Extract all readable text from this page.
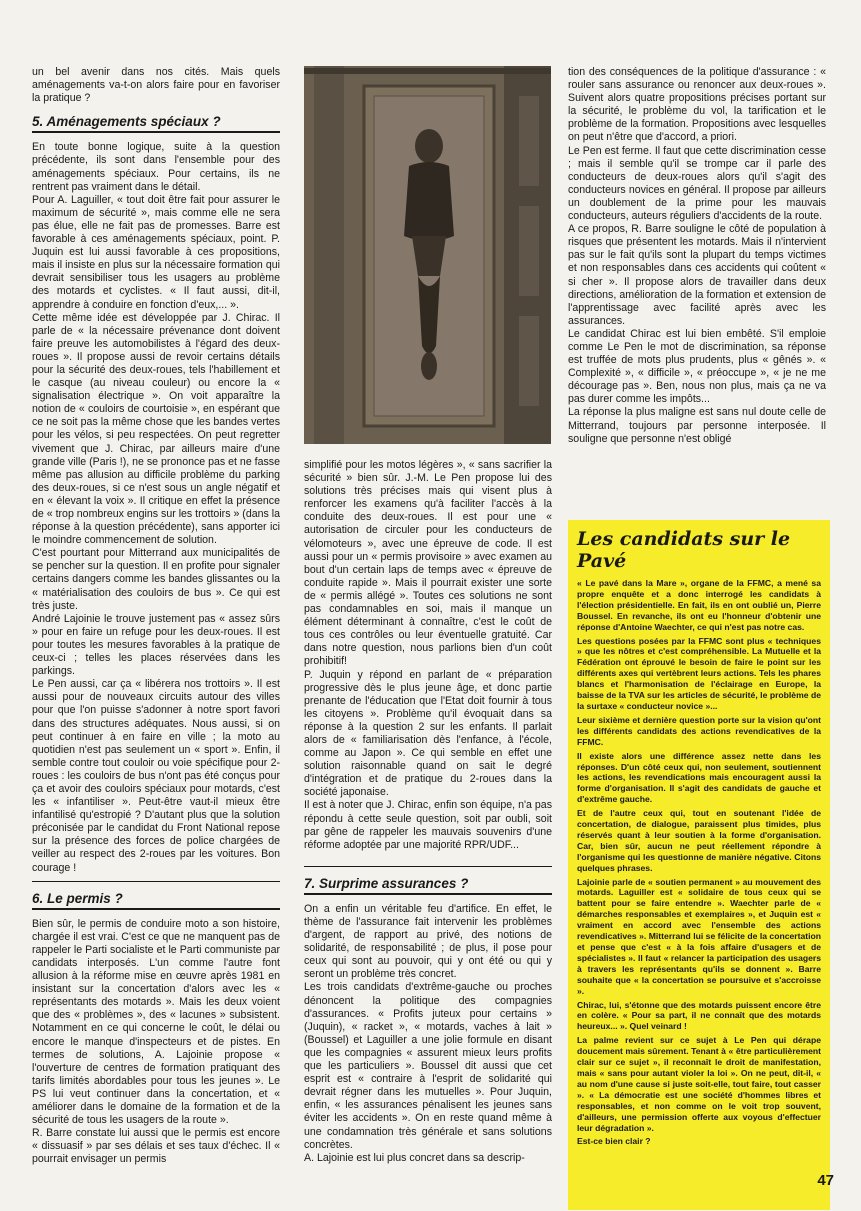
un bel avenir dans nos cités. Mais quels aménagements va-t-on alors faire pour en favoriser la pratique ?

5. Aménagements spéciaux ?

En toute bonne logique, suite à la question précédente, ils sont dans l'ensemble pour des aménagements spéciaux. Pour certains, ils ne rentrent pas vraiment dans le détail.

Pour A. Laguiller, « tout doit être fait pour assurer le maximum de sécurité », mais comme elle ne sera pas élue, elle ne fait pas de promesses. Barre est favorable à ces aménagements spéciaux, point. P. Juquin est lui aussi favorable à ces propositions, mais il insiste en plus sur la nécessaire formation qui devrait sensibiliser tous les usagers au problème des motards et cyclistes. « Il faut aussi, dit-il, apprendre à conduire en fonction d'eux,... ».

Cette même idée est développée par J. Chirac. Il parle de « la nécessaire prévenance dont doivent faire preuve les automobilistes à l'égard des deux-roues ». Il propose aussi de revoir certains détails pour la sécurité des deux-roues, tels l'habillement et le casque (au niveau couleur) ou encore la « signalisation électrique ». On voit apparaître la notion de « couloirs de courtoisie », en espérant que ce ne soit pas la même chose que les bandes vertes pour les vélos, si peu respectées. On peut regretter vivement que J. Chirac, par ailleurs maire d'une grande ville (Paris !), ne se prononce pas et ne fasse même pas allusion au difficile problème du parking des deux-roues, si ce n'est sous un angle négatif et en « élevant la voix ». Il critique en effet la présence de « trop nombreux engins sur les trottoirs » (dans la réponse à la question précédente), sans apporter ici le moindre commencement de solution.

C'est pourtant pour Mitterrand aux municipalités de se pencher sur la question. Il en profite pour signaler certains dangers comme les bandes glissantes ou la « matérialisation des couloirs de bus ». Ce qui est très juste.

André Lajoinie le trouve justement pas « assez sûrs » pour en faire un refuge pour les deux-roues. Il est pour toutes les mesures favorables à la pratique de ceux-ci ; telles les places réservées dans les parkings.

Le Pen aussi, car ça « libérera nos trottoirs ». Il est aussi pour de nouveaux circuits autour des villes pour que l'on puisse s'adonner à notre sport favori dans des structures adéquates. Nous aussi, si on peut continuer à en faire en ville ; la moto au quotidien n'est pas seulement un « sport ». Enfin, il semble contre tout couloir ou voie spécifique pour 2-roues : les couloirs de bus n'ont pas été conçus pour ça et avoir des couloirs spéciaux pour motards, c'est les « infantiliser ». Peut-être vaut-il mieux être infantilisé qu'estropié ? D'autant plus que la solution préconisée par le candidat du Front National repose sur la présence des forces de police chargées de veiller au respect des 2-roues par les voitures. Bon courage !

6. Le permis ?

Bien sûr, le permis de conduire moto a son histoire, chargée il est vrai. C'est ce que ne manquent pas de rappeler le Parti socialiste et le Parti communiste par candidats interposés. L'un comme l'autre font allusion à la réforme mise en œuvre après 1981 en insistant sur la concertation d'alors avec les « représentants des motards ». Mais les deux voient que des « problèmes », des « lacunes » subsistent. Notamment en ce qui concerne le coût, le délai ou encore le manque d'inspecteurs et de pistes. En termes de solutions, A. Lajoinie propose « l'ouverture de centres de formation pratiquant des tarifs limités abordables pour tous les jeunes ». Le PS lui veut continuer dans la concertation, et « améliorer dans le domaine de la formation et de la sécurité de tous les usagers de la route ».

R. Barre constate lui aussi que le permis est encore « dissuasif » par ses délais et ses taux d'échec. Il « pourrait envisager un permis

simplifié pour les motos légères », « sans sacrifier la sécurité » bien sûr. J.-M. Le Pen propose lui des solutions très précises mais qui visent plus à renforcer les examens qu'à faciliter l'accès à la conduite des deux-roues. Il est pour une « autorisation de circuler pour les conducteurs de vélomoteurs », avec une épreuve de code. Il est aussi pour un « permis provisoire » avec examen au bout d'un certain laps de temps avec « épreuve de conduite rapide ». Mais il pourrait exister une sorte de « permis allégé ». Toutes ces solutions ne sont pas condamnables en soi, mais il manque un élément déterminant à connaître, c'est le coût de tous ces contrôles ou leur éventuelle gratuité. Car dans notre question, nous parlions bien d'un coût prohibitif!

P. Juquin y répond en parlant de « préparation progressive dès le plus jeune âge, et donc partie prenante de l'éducation que l'Etat doit fournir à tous les citoyens ». Problème qu'il évoquait dans sa réponse à la question 2 sur les enfants. Il parlait alors de « familiarisation dès l'enfance, à l'école, comme au Japon ». Ce qui semble en effet une solution raisonnable quand on sait le degré d'intégration et de pratique du 2-roues dans la société japonaise.

Il est à noter que J. Chirac, enfin son équipe, n'a pas répondu à cette seule question, soit par oubli, soit par gêne de rappeler les mauvais souvenirs d'une réforme adoptée par une majorité RPR/UDF...

7. Surprime assurances ?

On a enfin un véritable feu d'artifice. En effet, le thème de l'assurance fait intervenir les problèmes d'argent, de rapport au privé, des notions de solidarité, de responsabilité ; de plus, il pose pour ceux qui sont au pouvoir, qui y ont été ou qui y seront un problème très concret.

Les trois candidats d'extrême-gauche ou proches dénoncent la politique des compagnies d'assurances. « Profits juteux pour certains » (Juquin), « racket », « motards, vaches à lait » (Boussel) et Laguiller a une jolie formule en disant que les compagnies « assurent mieux leurs profits que les particuliers ». Boussel dit aussi que cet esprit est « contraire à l'esprit de solidarité qui devrait régner dans les mutuelles ». Pour Juquin, enfin, « les assurances pénalisent les jeunes sans éviter les accidents ». On en reste quand même à une condamnation très générale et sans solutions concrètes.

A. Lajoinie est lui plus concret dans sa descrip-

tion des conséquences de la politique d'assurance : « rouler sans assurance ou renoncer aux deux-roues ». Suivent alors quatre propositions précises portant sur la sécurité, le problème du vol, la tarification et le problème de la formation. Propositions avec lesquelles on peut n'être que d'accord, a priori.

Le Pen est ferme. Il faut que cette discrimination cesse ; mais il semble qu'il se trompe car il parle des conducteurs de deux-roues alors qu'il s'agit des conducteurs novices en général. Il propose par ailleurs un doublement de la prime pour les mauvais conducteurs, auteurs réguliers d'accidents de la route.

A ce propos, R. Barre souligne le côté de population à risques que présentent les motards. Mais il n'intervient pas sur le fait qu'ils sont la plupart du temps victimes et non responsables dans ces accidents qui coûtent « si cher ». Il propose alors de travailler dans deux directions, amélioration de la formation et extension de l'apprentissage avec facilité après avec les assurances.

Le candidat Chirac est lui bien embêté. S'il emploie comme Le Pen le mot de discrimination, sa réponse est truffée de mots plus prudents, plus « gênés ». « Complexité », « difficile », « préoccupe », « je ne me décourage pas ». Ben, nous non plus, mais ça ne va pas durer comme les impôts...

La réponse la plus maligne est sans nul doute celle de Mitterrand, toujours par personne interposée. Il souligne que personne n'est obligé

Les candidats sur le Pavé

« Le pavé dans la Mare », organe de la FFMC, a mené sa propre enquête et a donc interrogé les candidats à l'élection présidentielle. En fait, ils en ont oublié un, Pierre Boussel. En revanche, ils ont eu l'honneur d'obtenir une réponse d'Antoine Waechter, ce qui n'est pas notre cas.

Les questions posées par la FFMC sont plus « techniques » que les nôtres et c'est compréhensible. La Mutuelle et la Fédération ont éprouvé le besoin de faire le point sur les différents axes qui vertèbrent leurs actions. Tels les phares blancs et l'harmonisation de l'éclairage en Europe, la baisse de la TVA sur les articles de sécurité, le problème de la surtaxe « conducteur novice »...

Leur sixième et dernière question porte sur la vision qu'ont les différents candidats des actions revendicatives de la FFMC.

Il existe alors une différence assez nette dans les réponses. D'un côté ceux qui, non seulement, soutiennent les actions, les revendications mais encouragent aussi la forme d'organisation. Il s'agit des candidats de gauche et d'extrême gauche.

Et de l'autre ceux qui, tout en soutenant l'idée de concertation, de dialogue, paraissent plus timides, plus réservés quant à leur soutien à la forme d'organisation. Car, bien sûr, aucun ne peut réellement répondre à l'organisme qui les questionne de manière négative. Citons quelques phrases.

Lajoinie parle de « soutien permanent » au mouvement des motards. Laguiller est « solidaire de tous ceux qui se battent pour se faire entendre ». Waechter parle de « démarches responsables et exemplaires », et Juquin est « vraiment en accord avec l'ensemble des actions revendicatives ». Mitterrand lui se félicite de la concertation et pense que c'est « à la fois affaire d'usagers et de spécialistes ». Il faut « relancer la participation des usagers à travers les représentants qu'ils se donnent ». Barre souhaite que « la concertation se poursuive et s'accroisse ».

Chirac, lui, s'étonne que des motards puissent encore être en colère. « Pour sa part, il ne connaît que des motards heureux... ». Quel veinard !

La palme revient sur ce sujet à Le Pen qui dérape doucement mais sûrement. Tenant à « être particulièrement clair sur ce sujet », il reconnaît le droit de manifestation, mais « sans pour autant violer la loi ». On ne peut, dit-il, « au nom d'une cause si juste soit-elle, tout faire, tout casser ». « La démocratie est une société d'hommes libres et responsables, et non comme on le voit trop souvent, d'ailleurs, une permission offerte aux voyous d'effectuer leur dégradation ».

Est-ce bien clair ?

47
